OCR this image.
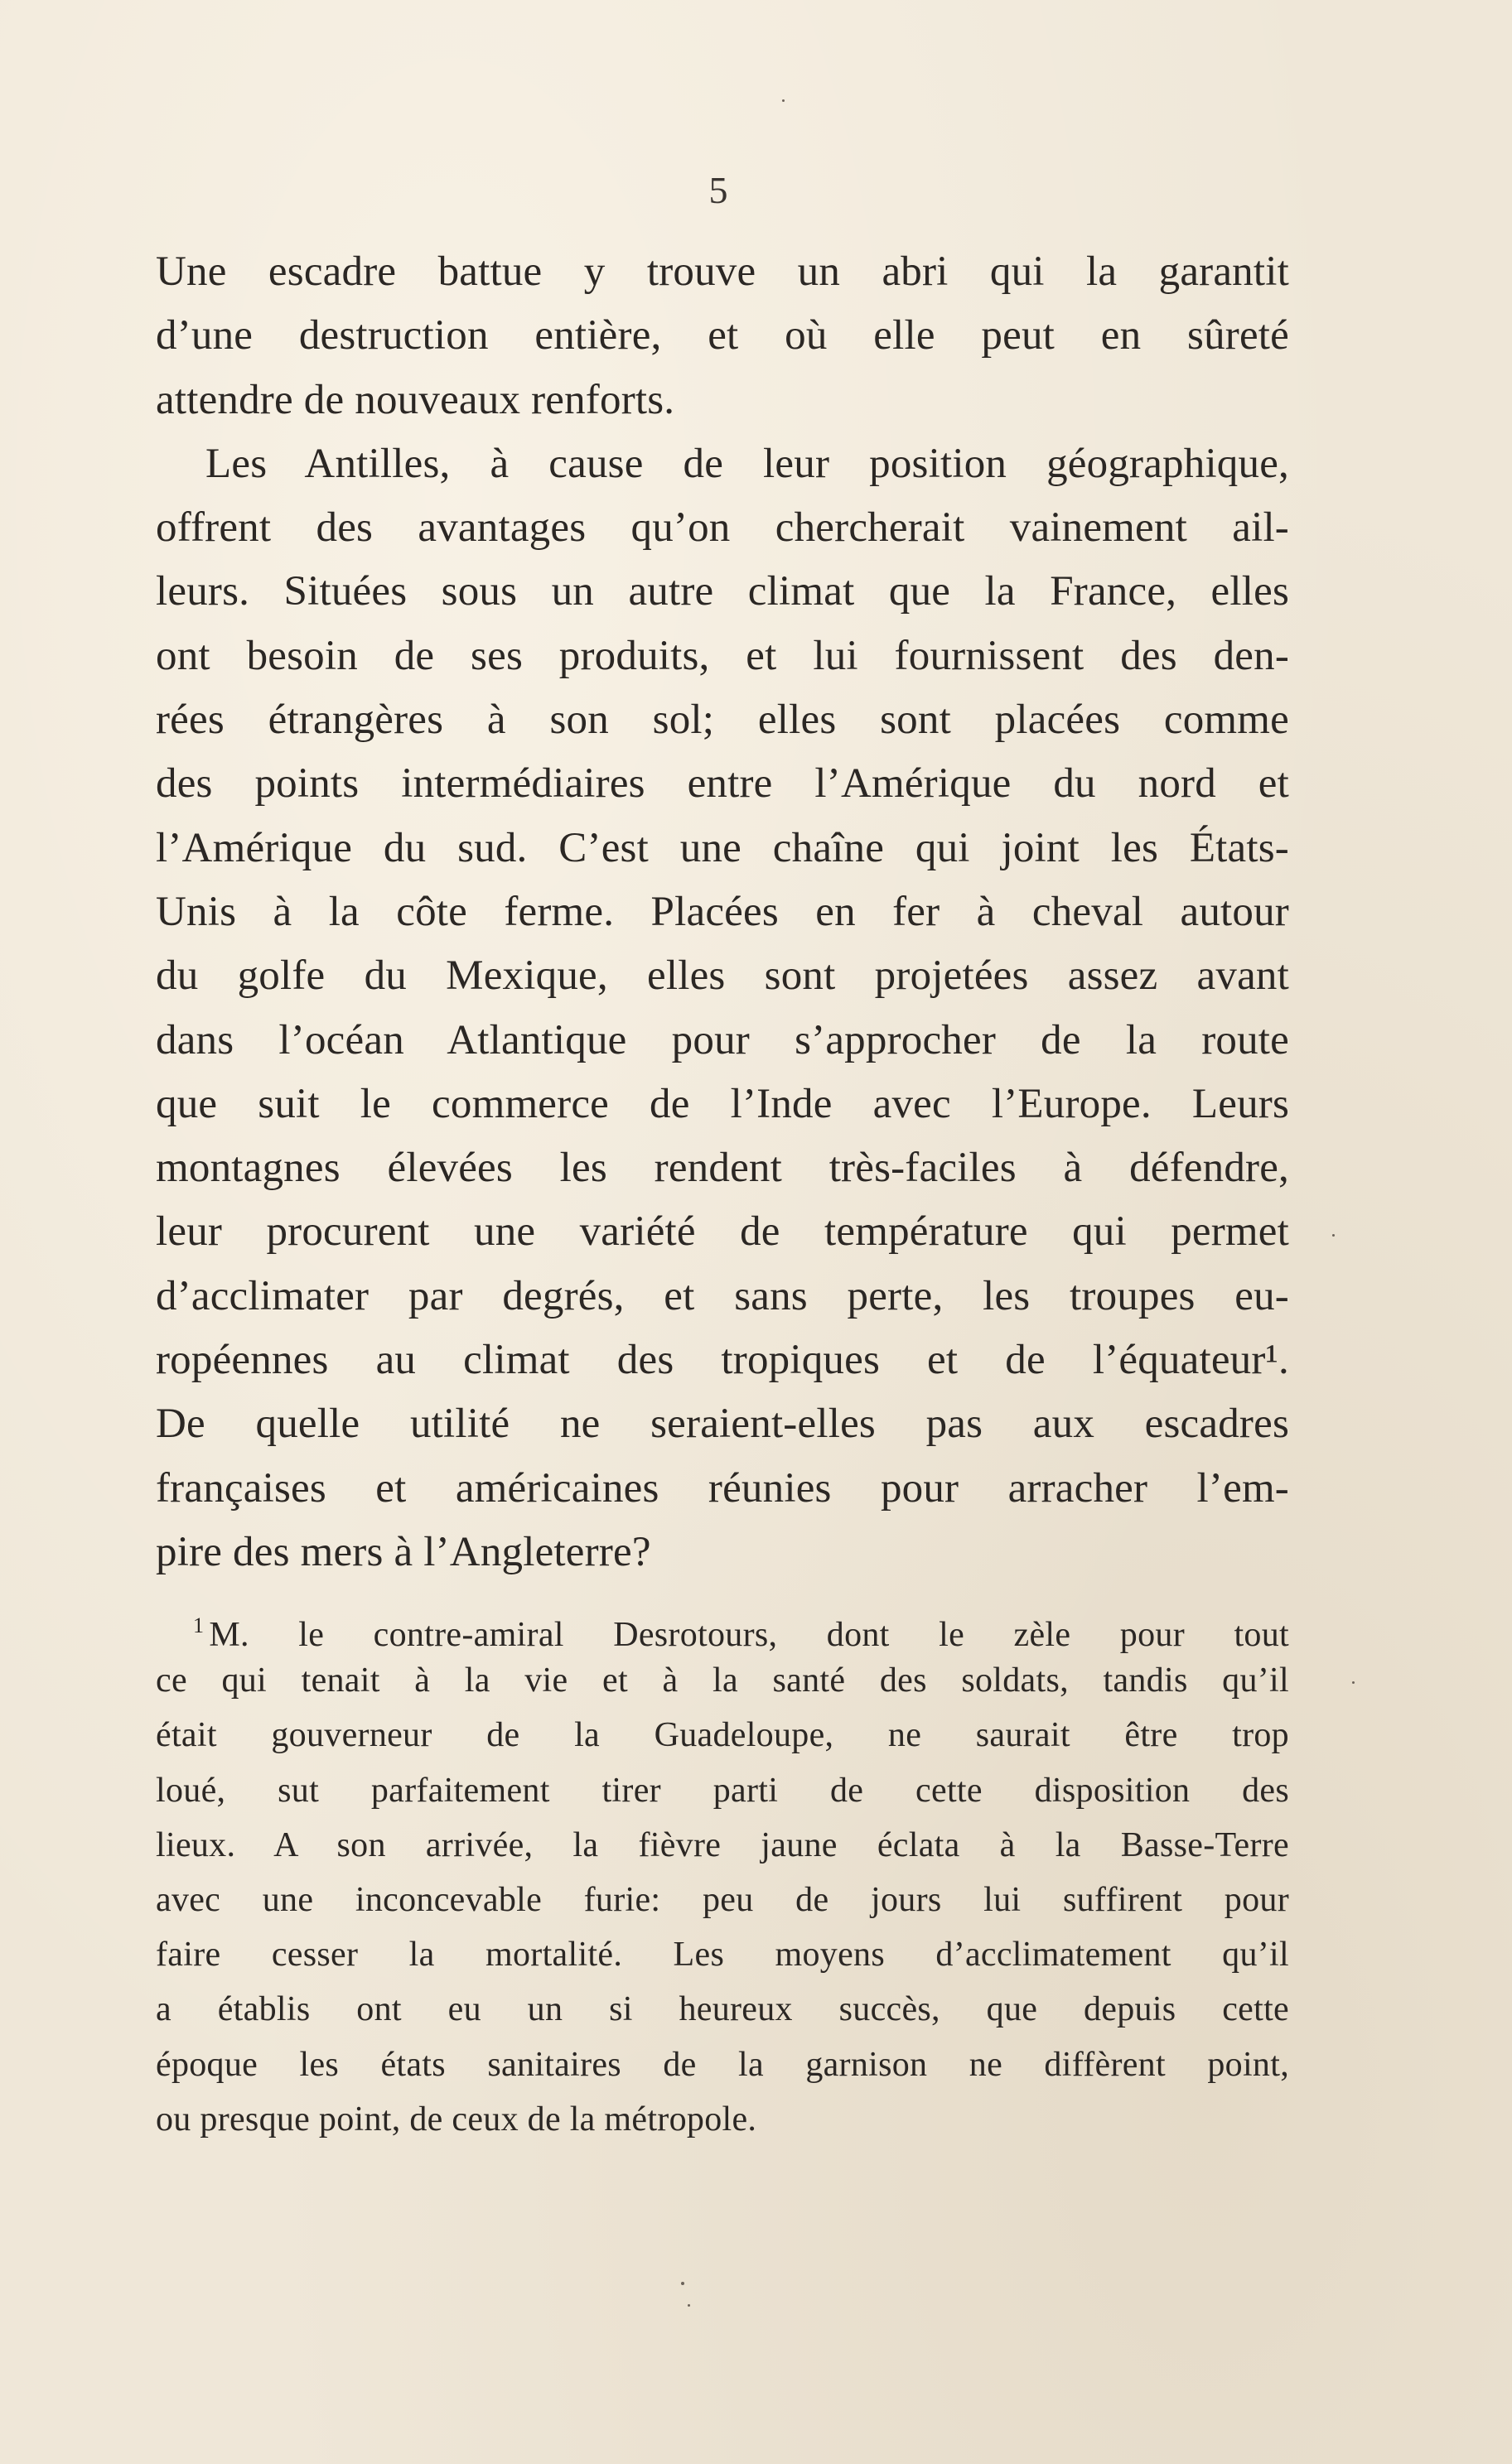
5
Une escadre battue y trouve un abri qui la garantit
d’une destruction entière, et où elle peut en sûreté
attendre de nouveaux renforts.
Les Antilles, à cause de leur position géographique,
offrent des avantages qu’on chercherait vainement ail-
leurs. Situées sous un autre climat que la France, elles
ont besoin de ses produits, et lui fournissent des den-
rées étrangères à son sol; elles sont placées comme
des points intermédiaires entre l’Amérique du nord et
l’Amérique du sud. C’est une chaîne qui joint les États-
Unis à la côte ferme. Placées en fer à cheval autour
du golfe du Mexique, elles sont projetées assez avant
dans l’océan Atlantique pour s’approcher de la route
que suit le commerce de l’Inde avec l’Europe. Leurs
montagnes élevées les rendent très-faciles à défendre,
leur procurent une variété de température qui permet
d’acclimater par degrés, et sans perte, les troupes eu-
ropéennes au climat des tropiques et de l’équateur¹.
De quelle utilité ne seraient-elles pas aux escadres
françaises et américaines réunies pour arracher l’em-
pire des mers à l’Angleterre?
$^1$ M. le contre-amiral Desrotours, dont le zèle pour tout
ce qui tenait à la vie et à la santé des soldats, tandis qu’il
était gouverneur de la Guadeloupe, ne saurait être trop
loué, sut parfaitement tirer parti de cette disposition des
lieux. A son arrivée, la fièvre jaune éclata à la Basse-Terre
avec une inconcevable furie: peu de jours lui suffirent pour
faire cesser la mortalité. Les moyens d’acclimatement qu’il
a établis ont eu un si heureux succès, que depuis cette
époque les états sanitaires de la garnison ne diffèrent point,
ou presque point, de ceux de la métropole.
